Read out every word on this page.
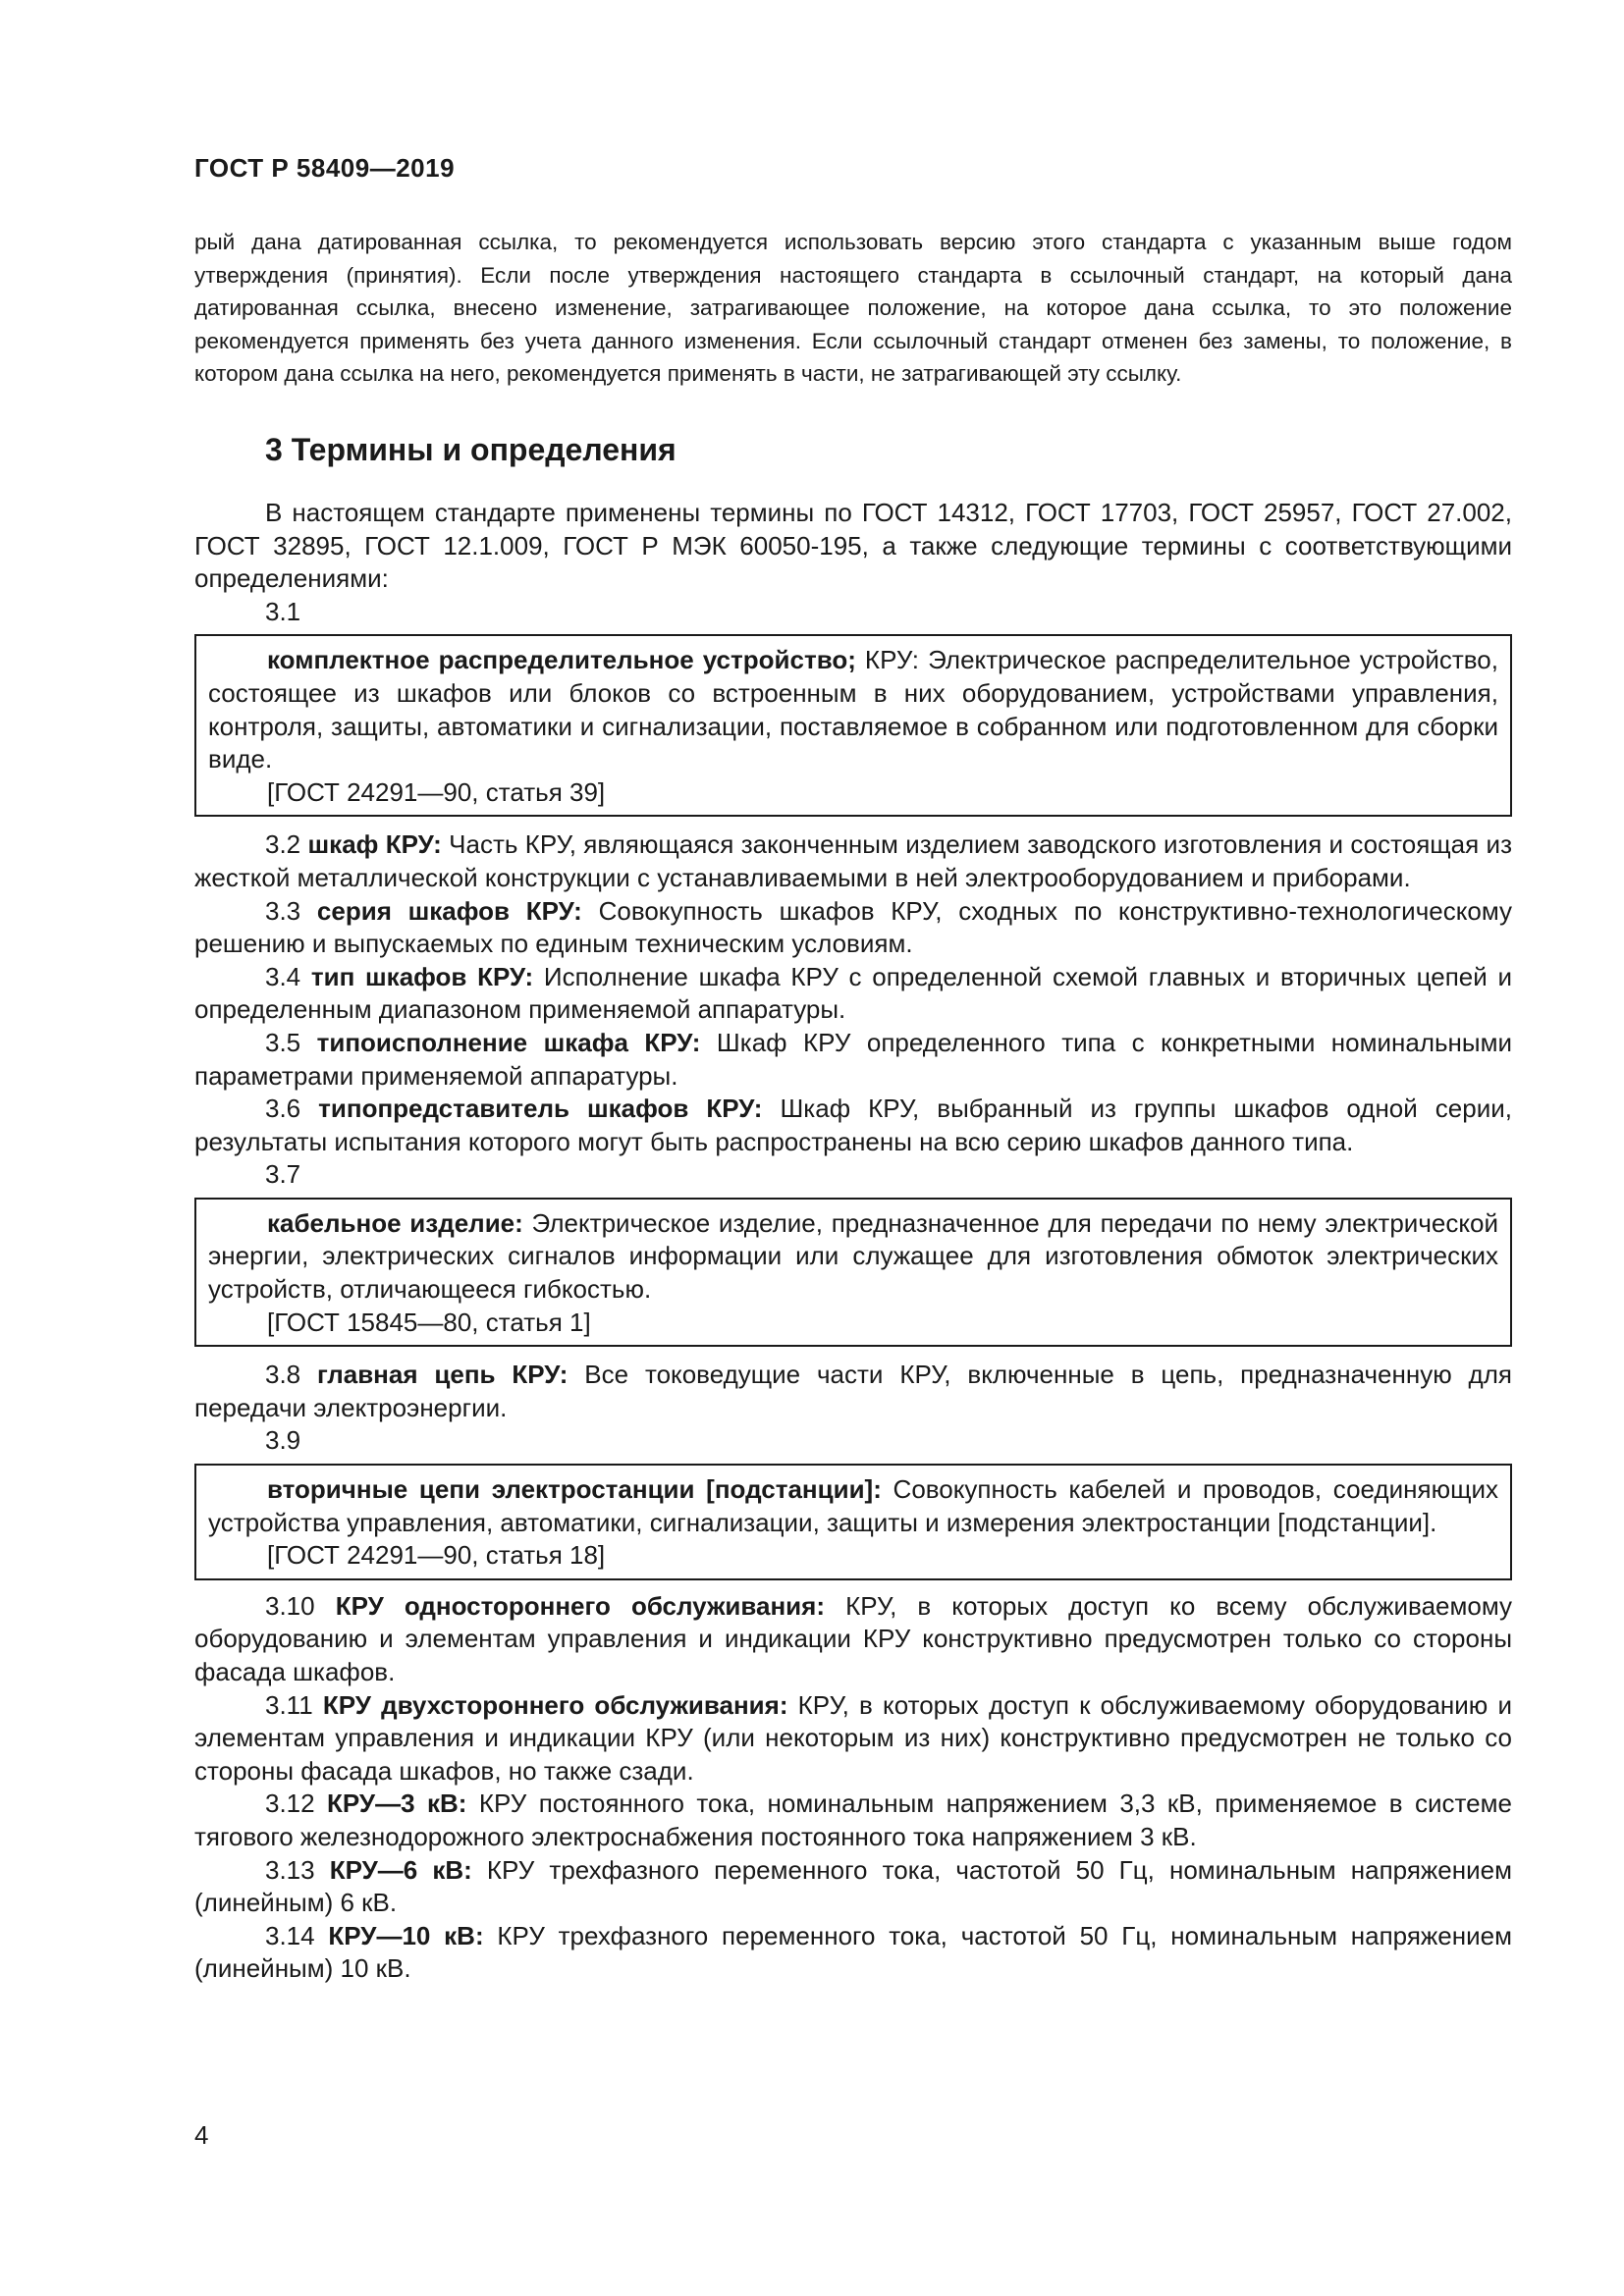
ГОСТ Р 58409—2019
рый дана датированная ссылка, то рекомендуется использовать версию этого стандарта с указанным выше годом утверждения (принятия). Если после утверждения настоящего стандарта в ссылочный стандарт, на который дана датированная ссылка, внесено изменение, затрагивающее положение, на которое дана ссылка, то это положение рекомендуется применять без учета данного изменения. Если ссылочный стандарт отменен без замены, то положение, в котором дана ссылка на него, рекомендуется применять в части, не затрагивающей эту ссылку.
3 Термины и определения

В настоящем стандарте применены термины по ГОСТ 14312, ГОСТ 17703, ГОСТ 25957, ГОСТ 27.002, ГОСТ 32895, ГОСТ 12.1.009, ГОСТ Р МЭК 60050-195, а также следующие термины с соответствующими определениями:

3.1

комплектное распределительное устройство; КРУ: Электрическое распределительное устройство, состоящее из шкафов или блоков со встроенным в них оборудованием, устройствами управления, контроля, защиты, автоматики и сигнализации, поставляемое в собранном или подготовленном для сборки виде.

[ГОСТ 24291—90, статья 39]

3.2 шкаф КРУ: Часть КРУ, являющаяся законченным изделием заводского изготовления и состоящая из жесткой металлической конструкции с устанавливаемыми в ней электрооборудованием и приборами.

3.3 серия шкафов КРУ: Совокупность шкафов КРУ, сходных по конструктивно-технологическому решению и выпускаемых по единым техническим условиям.

3.4 тип шкафов КРУ: Исполнение шкафа КРУ с определенной схемой главных и вторичных цепей и определенным диапазоном применяемой аппаратуры.

3.5 типоисполнение шкафа КРУ: Шкаф КРУ определенного типа с конкретными номинальными параметрами применяемой аппаратуры.

3.6 типопредставитель шкафов КРУ: Шкаф КРУ, выбранный из группы шкафов одной серии, результаты испытания которого могут быть распространены на всю серию шкафов данного типа.

3.7

кабельное изделие: Электрическое изделие, предназначенное для передачи по нему электрической энергии, электрических сигналов информации или служащее для изготовления обмоток электрических устройств, отличающееся гибкостью.

[ГОСТ 15845—80, статья 1]

3.8 главная цепь КРУ: Все токоведущие части КРУ, включенные в цепь, предназначенную для передачи электроэнергии.

3.9

вторичные цепи электростанции [подстанции]: Совокупность кабелей и проводов, соединяющих устройства управления, автоматики, сигнализации, защиты и измерения электростанции [подстанции].

[ГОСТ 24291—90, статья 18]

3.10 КРУ одностороннего обслуживания: КРУ, в которых доступ ко всему обслуживаемому оборудованию и элементам управления и индикации КРУ конструктивно предусмотрен только со стороны фасада шкафов.

3.11 КРУ двухстороннего обслуживания: КРУ, в которых доступ к обслуживаемому оборудованию и элементам управления и индикации КРУ (или некоторым из них) конструктивно предусмотрен не только со стороны фасада шкафов, но также сзади.

3.12 КРУ—3 кВ: КРУ постоянного тока, номинальным напряжением 3,3 кВ, применяемое в системе тягового железнодорожного электроснабжения постоянного тока напряжением 3 кВ.

3.13 КРУ—6 кВ: КРУ трехфазного переменного тока, частотой 50 Гц, номинальным напряжением (линейным) 6 кВ.

3.14 КРУ—10 кВ: КРУ трехфазного переменного тока, частотой 50 Гц, номинальным напряжением (линейным) 10 кВ.

4
